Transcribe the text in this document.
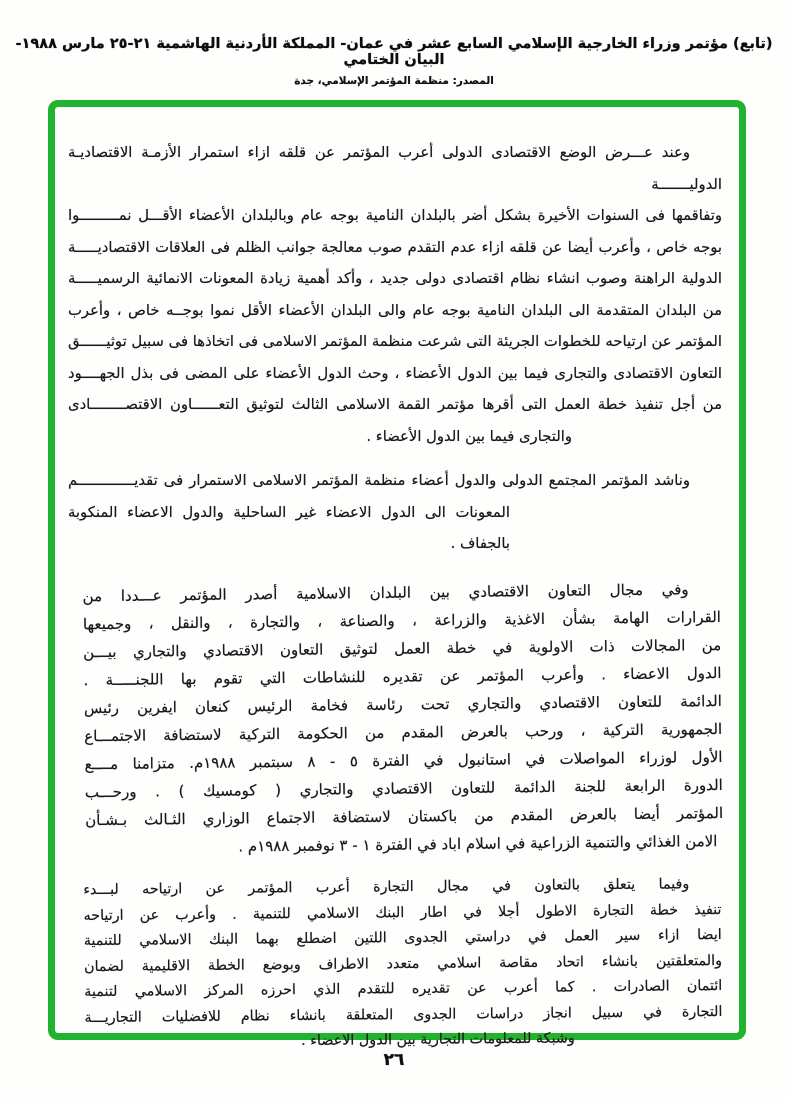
(تابع) مؤتمر وزراء الخارجية الإسلامي السابع عشر في عمان- المملكة الأردنية الهاشمية ٢١-٢٥ مارس ١٩٨٨- البيان الختامي
المصدر: منظمة المؤتمر الإسلامي، جدة
وعند عـــرض الوضع الاقتصادى الدولى أعرب المؤتمر عن قلقه ازاء استمرار الأزمـة الاقتصاديـة الدوليـــــــة
وتفاقمها فى السنوات الأخيرة بشكل أضر بالبلدان النامية بوجه عام وبالبلدان الأعضاء الأقـــل نمـــــــــوا
بوجه خاص ، وأعرب أيضا عن قلقه ازاء عدم التقدم صوب معالجة جوانب الظلم فى العلاقات الاقتصاديـــــة
الدولية الراهنة وصوب انشاء نظام اقتصادى دولى جديد ، وأكد أهمية زيادة المعونات الانمائية الرسميـــــة
من البلدان المتقدمة الى البلدان النامية بوجه عام والى البلدان الأعضاء الأقل نموا بوجــه خاص ، وأعرب
المؤتمر عن ارتياحه للخطوات الجريئة التى شرعت منظمة المؤتمر الاسلامى فى اتخاذها فى سبيل توثيــــــق
التعاون الاقتصادى والتجارى فيما بين الدول الأعضاء ، وحث الدول الأعضاء على المضى فى بذل الجهــــود
من أجل تنفيذ خطة العمل التى أقرها مؤتمر القمة الاسلامى الثالث لتوثيق التعــــــاون الاقتصــــــــادى
والتجارى فيما بين الدول الأعضاء .
وناشد المؤتمر المجتمع الدولى والدول أعضاء منظمة المؤتمر الاسلامى الاستمرار فى تقديـــــــــــــم
المعونات الى الدول الاعضاء غير الساحلية والدول الاعضاء المنكوبة بالجفاف .
وفي مجال التعاون الاقتصادي بين البلدان الاسلامية أصدر المؤتمر عـــددا من
القرارات الهامة بشأن الاغذية والزراعة ، والصناعة ، والتجارة ، والنقل ، وجميعها
من المجالات ذات الاولوية في خطة العمل لتوثيق التعاون الاقتصادي والتجاري بيـــن
الدول الاعضاء . وأعرب المؤتمر عن تقديره للنشاطات التي تقوم بها اللجنـــــة .
الدائمة للتعاون الاقتصادي والتجاري تحت رئاسة فخامة الرئيس كنعان ايفرين رئيس
الجمهورية التركية ، ورحب بالعرض المقدم من الحكومة التركية لاستضافة الاجتمـــاع
الأول لوزراء المواصلات في استانبول في الفترة ٥ - ٨ سبتمبر ١٩٨٨م. متزامنا مــــع
الدورة الرابعة للجنة الدائمة للتعاون الاقتصادي والتجاري ( كومسيك ) . ورحـــب
المؤتمر أيضا بالعرض المقدم من باكستان لاستضافة الاجتماع الوزاري الثـالث بـشـأن
الامن الغذائي والتنمية الزراعية في اسلام اباد في الفترة ١ - ٣ نوفمبر ١٩٨٨م .
وفيما يتعلق بالتعاون في مجال التجارة أعرب المؤتمر عن ارتياحه لبـــدء
تنفيذ خطة التجارة الاطول أجلا في اطار البنك الاسلامي للتنمية . وأعرب عن ارتياحه
ايضا ازاء سير العمل في دراستي الجدوى اللتين اضطلع بهما البنك الاسلامي للتنمية
والمتعلقتين بانشاء اتحاد مقاصة اسلامي متعدد الاطراف وبوضع الخطة الاقليمية لضمان
ائتمان الصادرات . كما أعرب عن تقديره للتقدم الذي احرزه المركز الاسلامي لتنمية
التجارة في سبيل انجاز دراسات الجدوى المتعلقة بانشاء نظام للافضليات التجاريـــة
وشبكة للمعلومات التجارية بين الدول الاعضاء .
٢٦
